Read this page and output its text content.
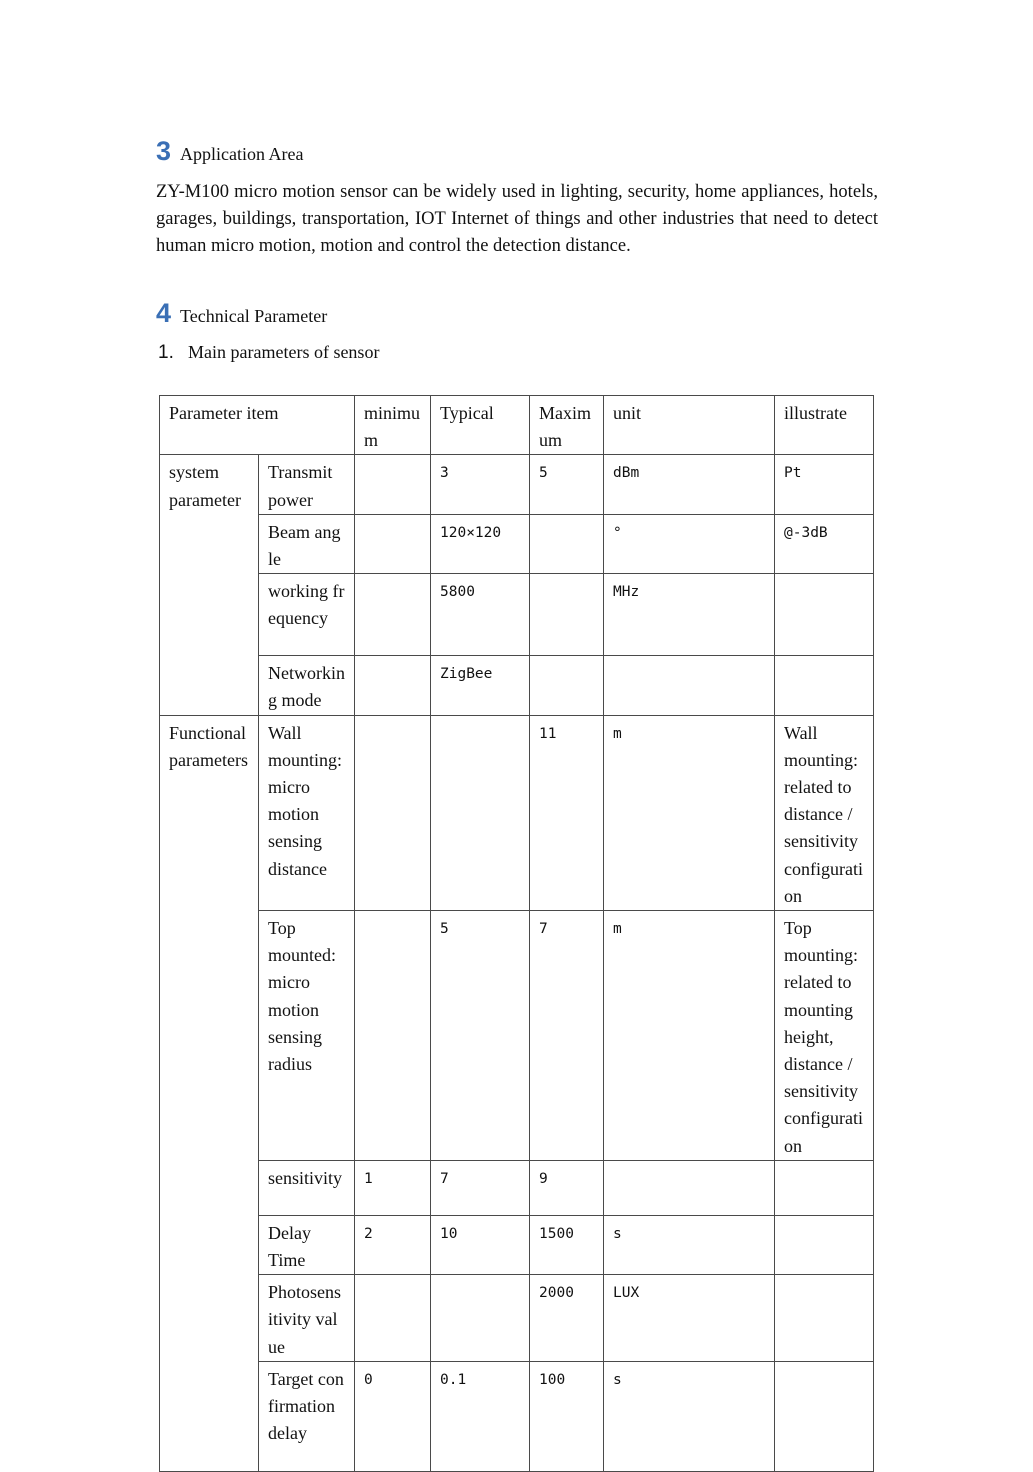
3 Application Area

ZY-M100 micro motion sensor can be widely used in lighting, security, home appliances, hotels, garages, buildings, transportation, IOT Internet of things and other industries that need to detect human micro motion, motion and control the detection distance.

4 Technical Parameter
1. Main parameters of sensor
Parameter item		minimum	Typical	Maximum	unit	illustrate
system parameter	Transmit power		3	5	dBm	Pt
	Beam angle		120×120		°	@-3dB
	working frequency		5800		MHz	
	Networking mode		ZigBee			
Functional parameters	Wall mounting: micro motion sensing distance			11	m	Wall mounting: related to distance / sensitivity configuration
	Top mounted: micro motion sensing radius		5	7	m	Top mounting: related to mounting height, distance / sensitivity configuration
	sensitivity	1	7	9		
	Delay Time	2	10	1500	s	
	Photosensitivity value			2000	LUX	
	Target confirmation delay	0	0.1	100	s	
